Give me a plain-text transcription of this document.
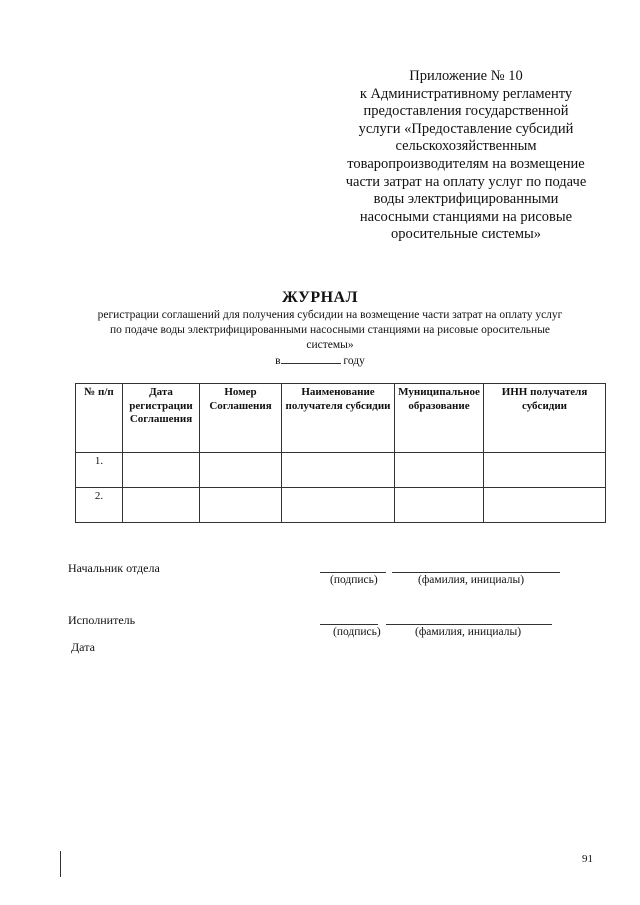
Приложение № 10
к Административному регламенту
предоставления государственной
услуги «Предоставление субсидий
сельскохозяйственным
товаропроизводителям на возмещение
части затрат на оплату услуг по подаче
воды электрифицированными
насосными станциями на рисовые
оросительные системы»
ЖУРНАЛ
регистрации соглашений для получения субсидии на возмещение части затрат на оплату услуг
по подаче воды электрифицированными насосными станциями на рисовые оросительные
системы»
в	году
№ п/п	Дата регистрации Соглашения	Номер Соглашения	Наименование получателя субсидии	Муниципальное образование	ИНН получателя субсидии
1.					
2.					
Начальник отдела
(подпись)	(фамилия, инициалы)
Исполнитель
(подпись)	(фамилия, инициалы)
Дата
91
